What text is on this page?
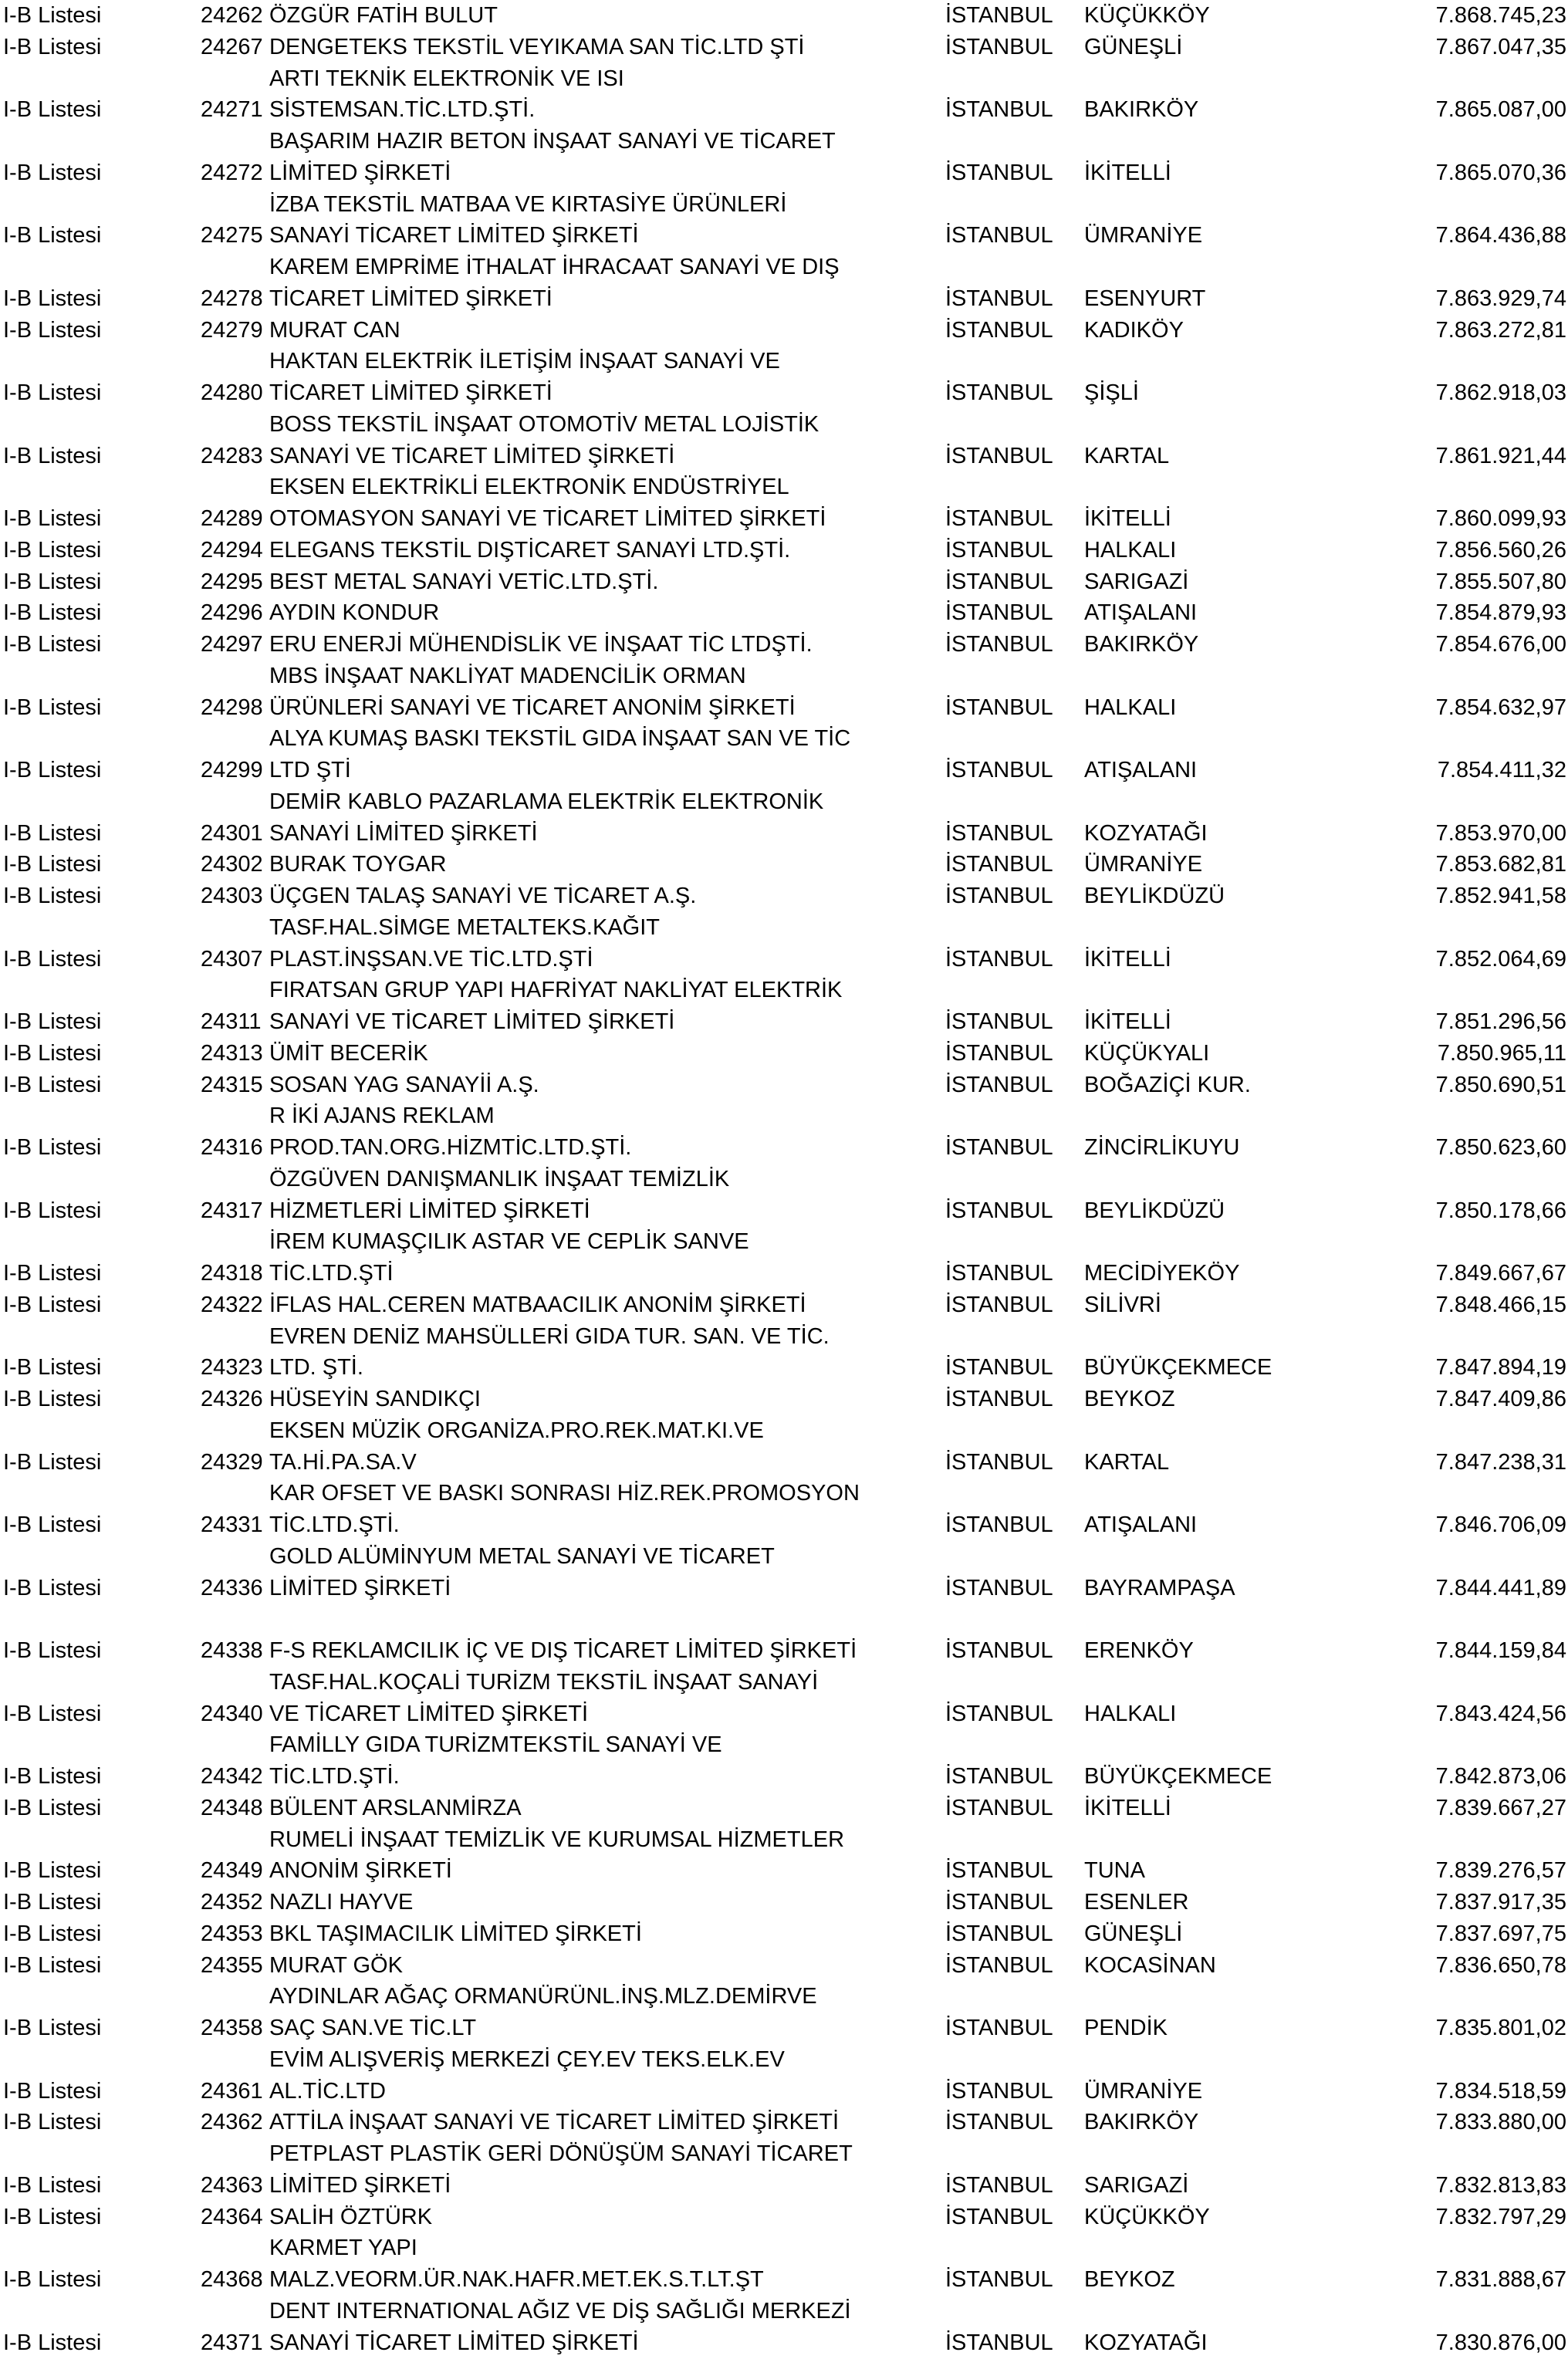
I-B Listesi	24262 ÖZGÜR FATİH BULUT	İSTANBUL KÜÇÜKKÖY	7.868.745,23
I-B Listesi	24267 DENGETEKS TEKSTİL VEYIKAMA SAN TİC.LTD ŞTİ	İSTANBUL GÜNEŞLİ	7.867.047,35
ARTI TEKNİK ELEKTRONİK VE ISI
I-B Listesi	24271 SİSTEMSAN.TİC.LTD.ŞTİ.	İSTANBUL BAKIRKÖY	7.865.087,00
BAŞARIM HAZIR BETON İNŞAAT SANAYİ VE TİCARET
I-B Listesi	24272 LİMİTED ŞİRKETİ	İSTANBUL İKİTELLİ	7.865.070,36
İZBA TEKSTİL MATBAA VE KIRTASİYE ÜRÜNLERİ
I-B Listesi	24275 SANAYİ TİCARET LİMİTED ŞİRKETİ	İSTANBUL ÜMRANİYE	7.864.436,88
KAREM EMPRİME İTHALAT İHRACAAT SANAYİ VE DIŞ
I-B Listesi	24278 TİCARET LİMİTED ŞİRKETİ	İSTANBUL ESENYURT	7.863.929,74
I-B Listesi	24279 MURAT CAN	İSTANBUL KADIKÖY	7.863.272,81
HAKTAN ELEKTRİK İLETİŞİM İNŞAAT SANAYİ VE
I-B Listesi	24280 TİCARET LİMİTED ŞİRKETİ	İSTANBUL ŞİŞLİ	7.862.918,03
BOSS TEKSTİL İNŞAAT OTOMOTİV METAL LOJİSTİK
I-B Listesi	24283 SANAYİ VE TİCARET LİMİTED ŞİRKETİ	İSTANBUL KARTAL	7.861.921,44
EKSEN ELEKTRİKLİ ELEKTRONİK ENDÜSTRİYEL
I-B Listesi	24289 OTOMASYON SANAYİ VE TİCARET LİMİTED ŞİRKETİ	İSTANBUL İKİTELLİ	7.860.099,93
I-B Listesi	24294 ELEGANS TEKSTİL DIŞTİCARET SANAYİ LTD.ŞTİ.	İSTANBUL HALKALI	7.856.560,26
I-B Listesi	24295 BEST METAL SANAYİ VETİC.LTD.ŞTİ.	İSTANBUL SARIGAZİ	7.855.507,80
I-B Listesi	24296 AYDIN KONDUR	İSTANBUL ATIŞALANI	7.854.879,93
I-B Listesi	24297 ERU ENERJİ MÜHENDİSLİK VE İNŞAAT TİC LTDŞTİ.	İSTANBUL BAKIRKÖY	7.854.676,00
MBS İNŞAAT NAKLİYAT MADENCİLİK ORMAN
I-B Listesi	24298 ÜRÜNLERİ SANAYİ VE TİCARET ANONİM ŞİRKETİ	İSTANBUL HALKALI	7.854.632,97
ALYA KUMAŞ BASKI TEKSTİL GIDA İNŞAAT SAN VE TİC
I-B Listesi	24299 LTD ŞTİ	İSTANBUL ATIŞALANI	7.854.411,32
DEMİR KABLO PAZARLAMA ELEKTRİK ELEKTRONİK
I-B Listesi	24301 SANAYİ LİMİTED ŞİRKETİ	İSTANBUL KOZYATAĞI	7.853.970,00
I-B Listesi	24302 BURAK TOYGAR	İSTANBUL ÜMRANİYE	7.853.682,81
I-B Listesi	24303 ÜÇGEN TALAŞ SANAYİ VE TİCARET A.Ş.	İSTANBUL BEYLİKDÜZÜ	7.852.941,58
TASF.HAL.SİMGE METALTEKS.KAĞIT
I-B Listesi	24307 PLAST.İNŞSAN.VE TİC.LTD.ŞTİ	İSTANBUL İKİTELLİ	7.852.064,69
FIRATSAN GRUP YAPI HAFRİYAT NAKLİYAT ELEKTRİK
I-B Listesi	24311 SANAYİ VE TİCARET LİMİTED ŞİRKETİ	İSTANBUL İKİTELLİ	7.851.296,56
I-B Listesi	24313 ÜMİT BECERİK	İSTANBUL KÜÇÜKYALI	7.850.965,11
I-B Listesi	24315 SOSAN YAG SANAYİİ A.Ş.	İSTANBUL BOĞAZİÇİ KUR.	7.850.690,51
R İKİ AJANS REKLAM
I-B Listesi	24316 PROD.TAN.ORG.HİZMTİC.LTD.ŞTİ.	İSTANBUL ZİNCİRLİKUYU	7.850.623,60
ÖZGÜVEN DANIŞMANLIK İNŞAAT TEMİZLİK
I-B Listesi	24317 HİZMETLERİ LİMİTED ŞİRKETİ	İSTANBUL BEYLİKDÜZÜ	7.850.178,66
İREM KUMAŞÇILIK ASTAR VE CEPLİK SANVE
I-B Listesi	24318 TİC.LTD.ŞTİ	İSTANBUL MECİDİYEKÖY	7.849.667,67
I-B Listesi	24322 İFLAS HAL.CEREN MATBAACILIK ANONİM ŞİRKETİ	İSTANBUL SİLİVRİ	7.848.466,15
EVREN DENİZ MAHSÜLLERİ GIDA TUR. SAN. VE TİC.
I-B Listesi	24323 LTD. ŞTİ.	İSTANBUL BÜYÜKÇEKMECE	7.847.894,19
I-B Listesi	24326 HÜSEYİN SANDIKÇI	İSTANBUL BEYKOZ	7.847.409,86
EKSEN MÜZİK ORGANİZA.PRO.REK.MAT.KI.VE
I-B Listesi	24329 TA.Hİ.PA.SA.V	İSTANBUL KARTAL	7.847.238,31
KAR OFSET VE BASKI SONRASI HİZ.REK.PROMOSYON
I-B Listesi	24331 TİC.LTD.ŞTİ.	İSTANBUL ATIŞALANI	7.846.706,09
GOLD ALÜMİNYUM METAL SANAYİ VE TİCARET
I-B Listesi	24336 LİMİTED ŞİRKETİ	İSTANBUL BAYRAMPAŞA	7.844.441,89
I-B Listesi	24338 F-S REKLAMCILIK İÇ VE DIŞ TİCARET LİMİTED ŞİRKETİ	İSTANBUL ERENKÖY	7.844.159,84
TASF.HAL.KOÇALİ TURİZM TEKSTİL İNŞAAT SANAYİ
I-B Listesi	24340 VE TİCARET LİMİTED ŞİRKETİ	İSTANBUL HALKALI	7.843.424,56
FAMİLLY GIDA TURİZMTEKSTİL SANAYİ VE
I-B Listesi	24342 TİC.LTD.ŞTİ.	İSTANBUL BÜYÜKÇEKMECE	7.842.873,06
I-B Listesi	24348 BÜLENT ARSLANMİRZA	İSTANBUL İKİTELLİ	7.839.667,27
RUMELİ İNŞAAT TEMİZLİK VE KURUMSAL HİZMETLER
I-B Listesi	24349 ANONİM ŞİRKETİ	İSTANBUL TUNA	7.839.276,57
I-B Listesi	24352 NAZLI HAYVE	İSTANBUL ESENLER	7.837.917,35
I-B Listesi	24353 BKL TAŞIMACILIK LİMİTED ŞİRKETİ	İSTANBUL GÜNEŞLİ	7.837.697,75
I-B Listesi	24355 MURAT GÖK	İSTANBUL KOCASİNAN	7.836.650,78
AYDINLAR AĞAÇ ORMANÜRÜNL.İNŞ.MLZ.DEMİRVE
I-B Listesi	24358 SAÇ SAN.VE TİC.LT	İSTANBUL PENDİK	7.835.801,02
EVİM ALIŞVERİŞ MERKEZİ ÇEY.EV TEKS.ELK.EV
I-B Listesi	24361 AL.TİC.LTD	İSTANBUL ÜMRANİYE	7.834.518,59
I-B Listesi	24362 ATTİLA İNŞAAT SANAYİ VE TİCARET LİMİTED ŞİRKETİ	İSTANBUL BAKIRKÖY	7.833.880,00
PETPLAST PLASTİK GERİ DÖNÜŞÜM SANAYİ TİCARET
I-B Listesi	24363 LİMİTED ŞİRKETİ	İSTANBUL SARIGAZİ	7.832.813,83
I-B Listesi	24364 SALİH ÖZTÜRK	İSTANBUL KÜÇÜKKÖY	7.832.797,29
KARMET YAPI
I-B Listesi	24368 MALZ.VEORM.ÜR.NAK.HAFR.MET.EK.S.T.LT.ŞT	İSTANBUL BEYKOZ	7.831.888,67
DENT INTERNATIONAL AĞIZ VE DİŞ SAĞLIĞI MERKEZİ
I-B Listesi	24371 SANAYİ TİCARET LİMİTED ŞİRKETİ	İSTANBUL KOZYATAĞI	7.830.876,00
